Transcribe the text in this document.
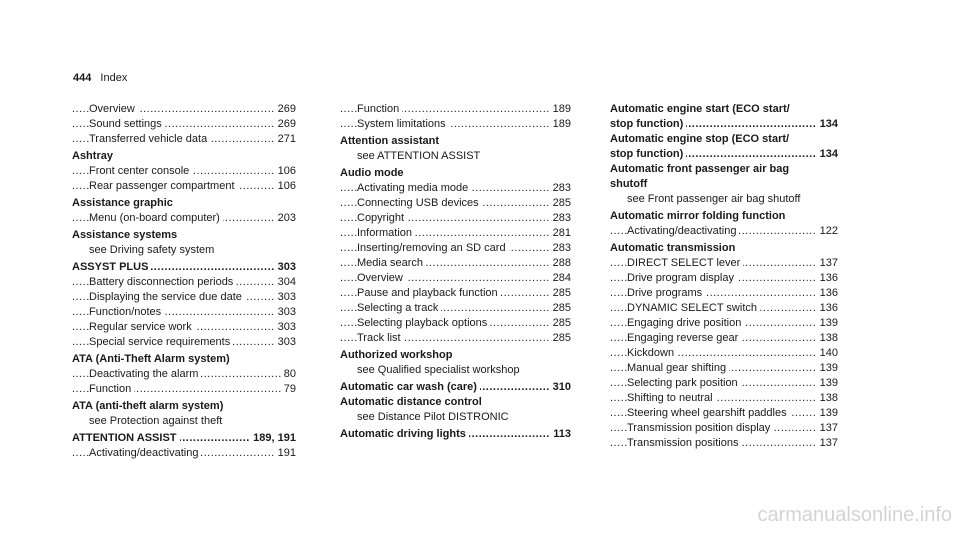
444 Index
Overview	269
.....
Sound settings	269
.....
Transferred vehicle data	271
.....
Ashtray
Front center console	106
.....
Rear passenger compartment	106
.....
Assistance graphic
Menu (on-board computer)	203
.....
Assistance systems
see Driving safety system
ASSYST PLUS	303
.....
Battery disconnection periods	304
.....
Displaying the service due date	303
.....
Function/notes	303
.....
Regular service work	303
.....
Special service requirements	303
.....
ATA (Anti-Theft Alarm system)
Deactivating the alarm	80
.....
Function	79
.....
ATA (anti-theft alarm system)
see Protection against theft
ATTENTION ASSIST	189, 191
.....
Activating/deactivating	191
.....
Function	189
.....
System limitations	189
.....
Attention assistant
see ATTENTION ASSIST
Audio mode
Activating media mode	283
.....
Connecting USB devices	285
.....
Copyright	283
.....
Information	281
.....
Inserting/removing an SD card	283
.....
Media search	288
.....
Overview	284
.....
Pause and playback function	285
.....
Selecting a track	285
.....
Selecting playback options	285
.....
Track list	285
.....
Authorized workshop
see Qualified specialist workshop
Automatic car wash (care)	310
.....
Automatic distance control
see Distance Pilot DISTRONIC
Automatic driving lights	113
.....
Automatic engine start (ECO start/
stop function)	134
.....
Automatic engine stop (ECO start/
stop function)	134
.....
Automatic front passenger air bag
shutoff
see Front passenger air bag shutoff
Automatic mirror folding function
Activating/deactivating	122
.....
Automatic transmission
DIRECT SELECT lever	137
.....
Drive program display	136
.....
Drive programs	136
.....
DYNAMIC SELECT switch	136
.....
Engaging drive position	139
.....
Engaging reverse gear	138
.....
Kickdown	140
.....
Manual gear shifting	139
.....
Selecting park position	139
.....
Shifting to neutral	138
.....
Steering wheel gearshift paddles	139
.....
Transmission position display	137
.....
Transmission positions	137
.....
carmanualsonline.info
